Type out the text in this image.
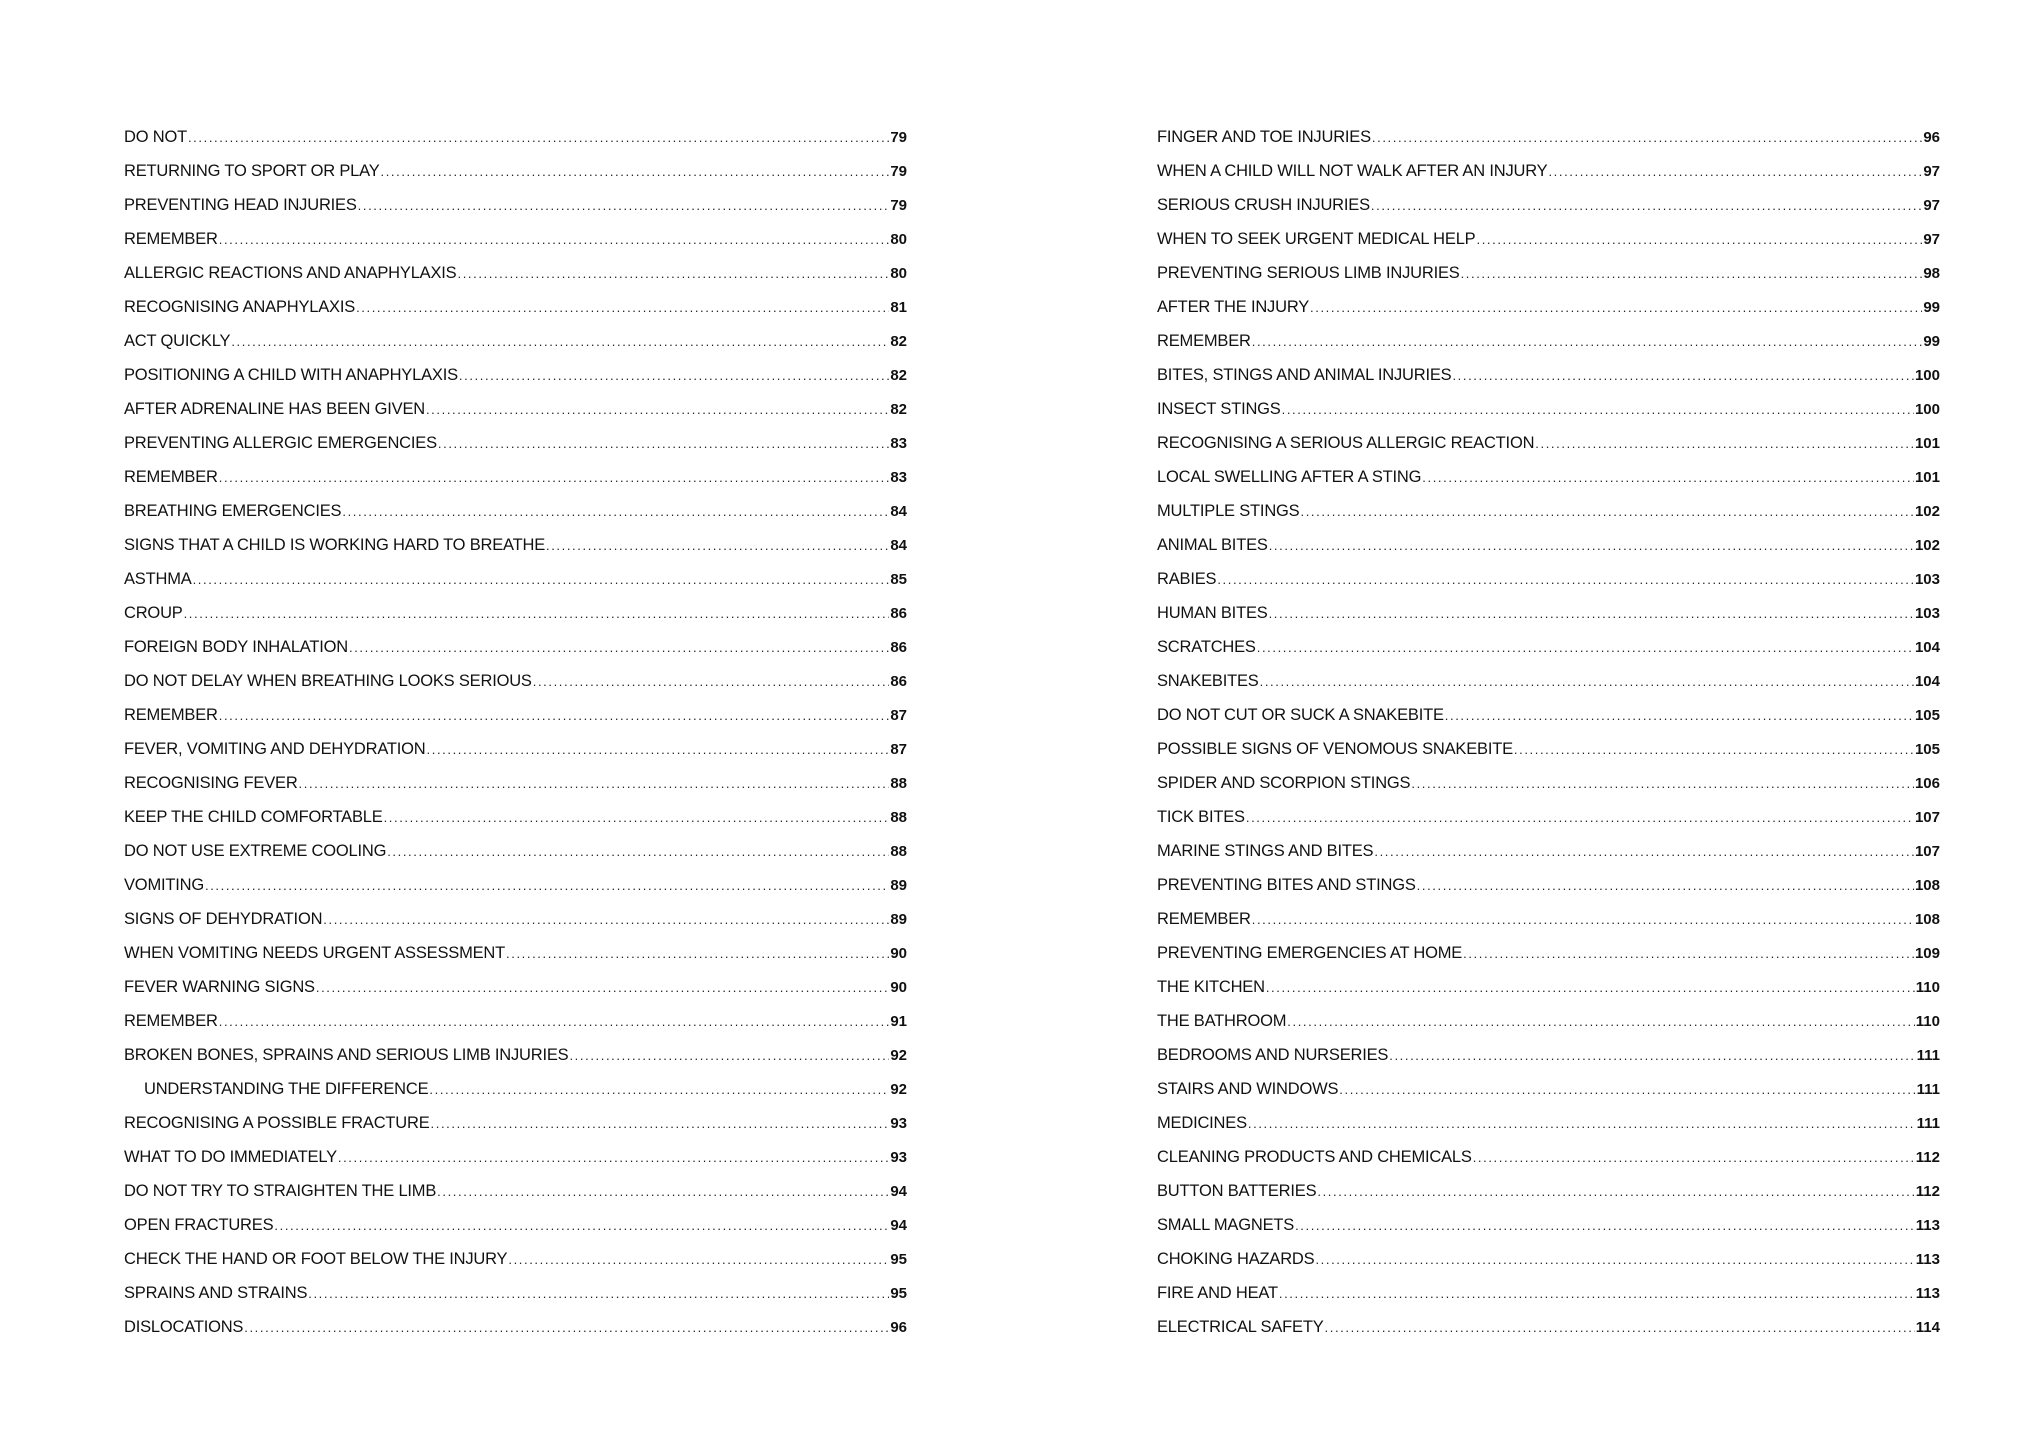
DO NOT .....	79
RETURNING TO SPORT OR PLAY .....	79
PREVENTING HEAD INJURIES .....	79
REMEMBER .....	80
ALLERGIC REACTIONS AND ANAPHYLAXIS .....	80
RECOGNISING ANAPHYLAXIS .....	81
ACT QUICKLY .....	82
POSITIONING A CHILD WITH ANAPHYLAXIS .....	82
AFTER ADRENALINE HAS BEEN GIVEN .....	82
PREVENTING ALLERGIC EMERGENCIES .....	83
REMEMBER .....	83
BREATHING EMERGENCIES .....	84
SIGNS THAT A CHILD IS WORKING HARD TO BREATHE .....	84
ASTHMA .....	85
CROUP .....	86
FOREIGN BODY INHALATION .....	86
DO NOT DELAY WHEN BREATHING LOOKS SERIOUS .....	86
REMEMBER .....	87
FEVER, VOMITING AND DEHYDRATION .....	87
RECOGNISING FEVER .....	88
KEEP THE CHILD COMFORTABLE .....	88
DO NOT USE EXTREME COOLING .....	88
VOMITING .....	89
SIGNS OF DEHYDRATION .....	89
WHEN VOMITING NEEDS URGENT ASSESSMENT .....	90
FEVER WARNING SIGNS .....	90
REMEMBER .....	91
BROKEN BONES, SPRAINS AND SERIOUS LIMB INJURIES .....	92
UNDERSTANDING THE DIFFERENCE .....	92
RECOGNISING A POSSIBLE FRACTURE .....	93
WHAT TO DO IMMEDIATELY .....	93
DO NOT TRY TO STRAIGHTEN THE LIMB .....	94
OPEN FRACTURES .....	94
CHECK THE HAND OR FOOT BELOW THE INJURY .....	95
SPRAINS AND STRAINS .....	95
DISLOCATIONS .....	96
FINGER AND TOE INJURIES .....	96
WHEN A CHILD WILL NOT WALK AFTER AN INJURY .....	97
SERIOUS CRUSH INJURIES .....	97
WHEN TO SEEK URGENT MEDICAL HELP .....	97
PREVENTING SERIOUS LIMB INJURIES .....	98
AFTER THE INJURY .....	99
REMEMBER .....	99
BITES, STINGS AND ANIMAL INJURIES .....	100
INSECT STINGS .....	100
RECOGNISING A SERIOUS ALLERGIC REACTION .....	101
LOCAL SWELLING AFTER A STING .....	101
MULTIPLE STINGS .....	102
ANIMAL BITES .....	102
RABIES .....	103
HUMAN BITES .....	103
SCRATCHES .....	104
SNAKEBITES .....	104
DO NOT CUT OR SUCK A SNAKEBITE .....	105
POSSIBLE SIGNS OF VENOMOUS SNAKEBITE .....	105
SPIDER AND SCORPION STINGS .....	106
TICK BITES .....	107
MARINE STINGS AND BITES .....	107
PREVENTING BITES AND STINGS .....	108
REMEMBER .....	108
PREVENTING EMERGENCIES AT HOME .....	109
THE KITCHEN .....	110
THE BATHROOM .....	110
BEDROOMS AND NURSERIES .....	111
STAIRS AND WINDOWS .....	111
MEDICINES .....	111
CLEANING PRODUCTS AND CHEMICALS .....	112
BUTTON BATTERIES .....	112
SMALL MAGNETS .....	113
CHOKING HAZARDS .....	113
FIRE AND HEAT .....	113
ELECTRICAL SAFETY .....	114
